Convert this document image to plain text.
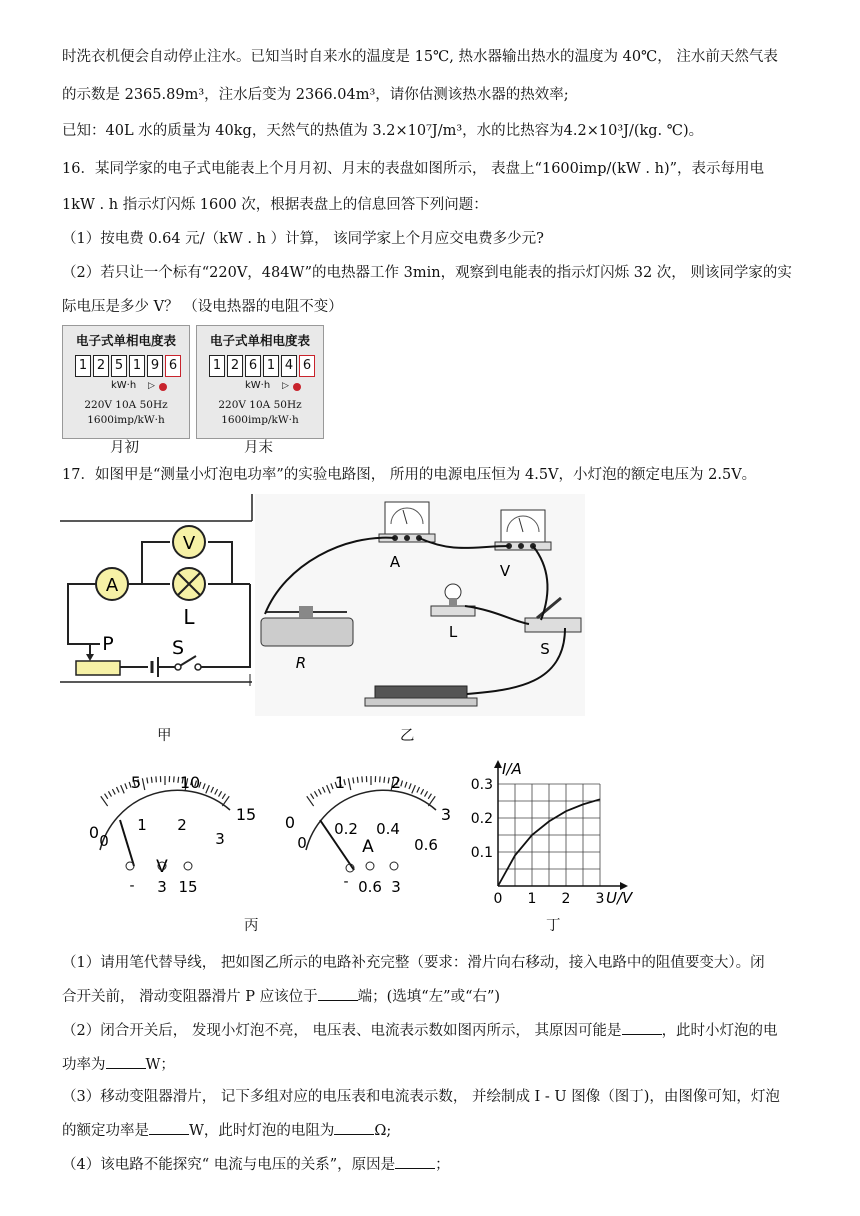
时洗衣机便会自动停止注水。已知当时自来水的温度是 15℃, 热水器输出热水的温度为 40℃， 注水前天然气表
的示数是 2365.89m³，注水后变为 2366.04m³，请你估测该热水器的热效率;
已知：40L 水的质量为 40kg，天然气的热值为 3.2×10⁷J/m³，水的比热容为4.2×10³J/(kg. ℃)。
16．某同学家的电子式电能表上个月月初、月末的表盘如图所示， 表盘上“1600imp/(kW . h)”，表示每用电
1kW . h 指示灯闪烁 1600 次，根据表盘上的信息回答下列问题：
（1）按电费 0.64 元/（kW . h ）计算， 该同学家上个月应交电费多少元?
（2）若只让一个标有“220V，484W”的电热器工作 3min，观察到电能表的指示灯闪烁 32 次， 则该同学家的实
际电压是多少 V？ （设电热器的电阻不变）
电子式单相电度表
1 2 5 1 9 6
kW·h ▷
220V 10A 50Hz
1600imp/kW·h
电子式单相电度表
1 2 6 1 4 6
kW·h ▷
220V 10A 50Hz
1600imp/kW·h
月初	月末
17．如图甲是“测量小灯泡电功率”的实验电路图， 所用的电源电压恒为 4.5V，小灯泡的额定电压为 2.5V。
A
V
L
P	S
甲
A	V
L
S
R
乙
0
5 10
15
0
1 2
3
V
- 3 15
0
1	2
3
0
0.2 0.4
0.6
A
- 0.6 3
丙
0 1 2 3
0.1
0.2
0.3
I/A
U/V
丁
（1）请用笔代替导线， 把如图乙所示的电路补充完整（要求：滑片向右移动，接入电路中的阻值要变大）。闭
合开关前， 滑动变阻器滑片 P 应该位于	端；(选填“左”或“右”)
（2）闭合开关后， 发现小灯泡不亮， 电压表、电流表示数如图丙所示， 其原因可能是	，此时小灯泡的电
功率为	W；
（3）移动变阻器滑片， 记下多组对应的电压表和电流表示数， 并绘制成 I - U 图像（图丁)，由图像可知，灯泡
的额定功率是	W，此时灯泡的电阻为	Ω;
（4）该电路不能探究“ 电流与电压的关系”，原因是	；
